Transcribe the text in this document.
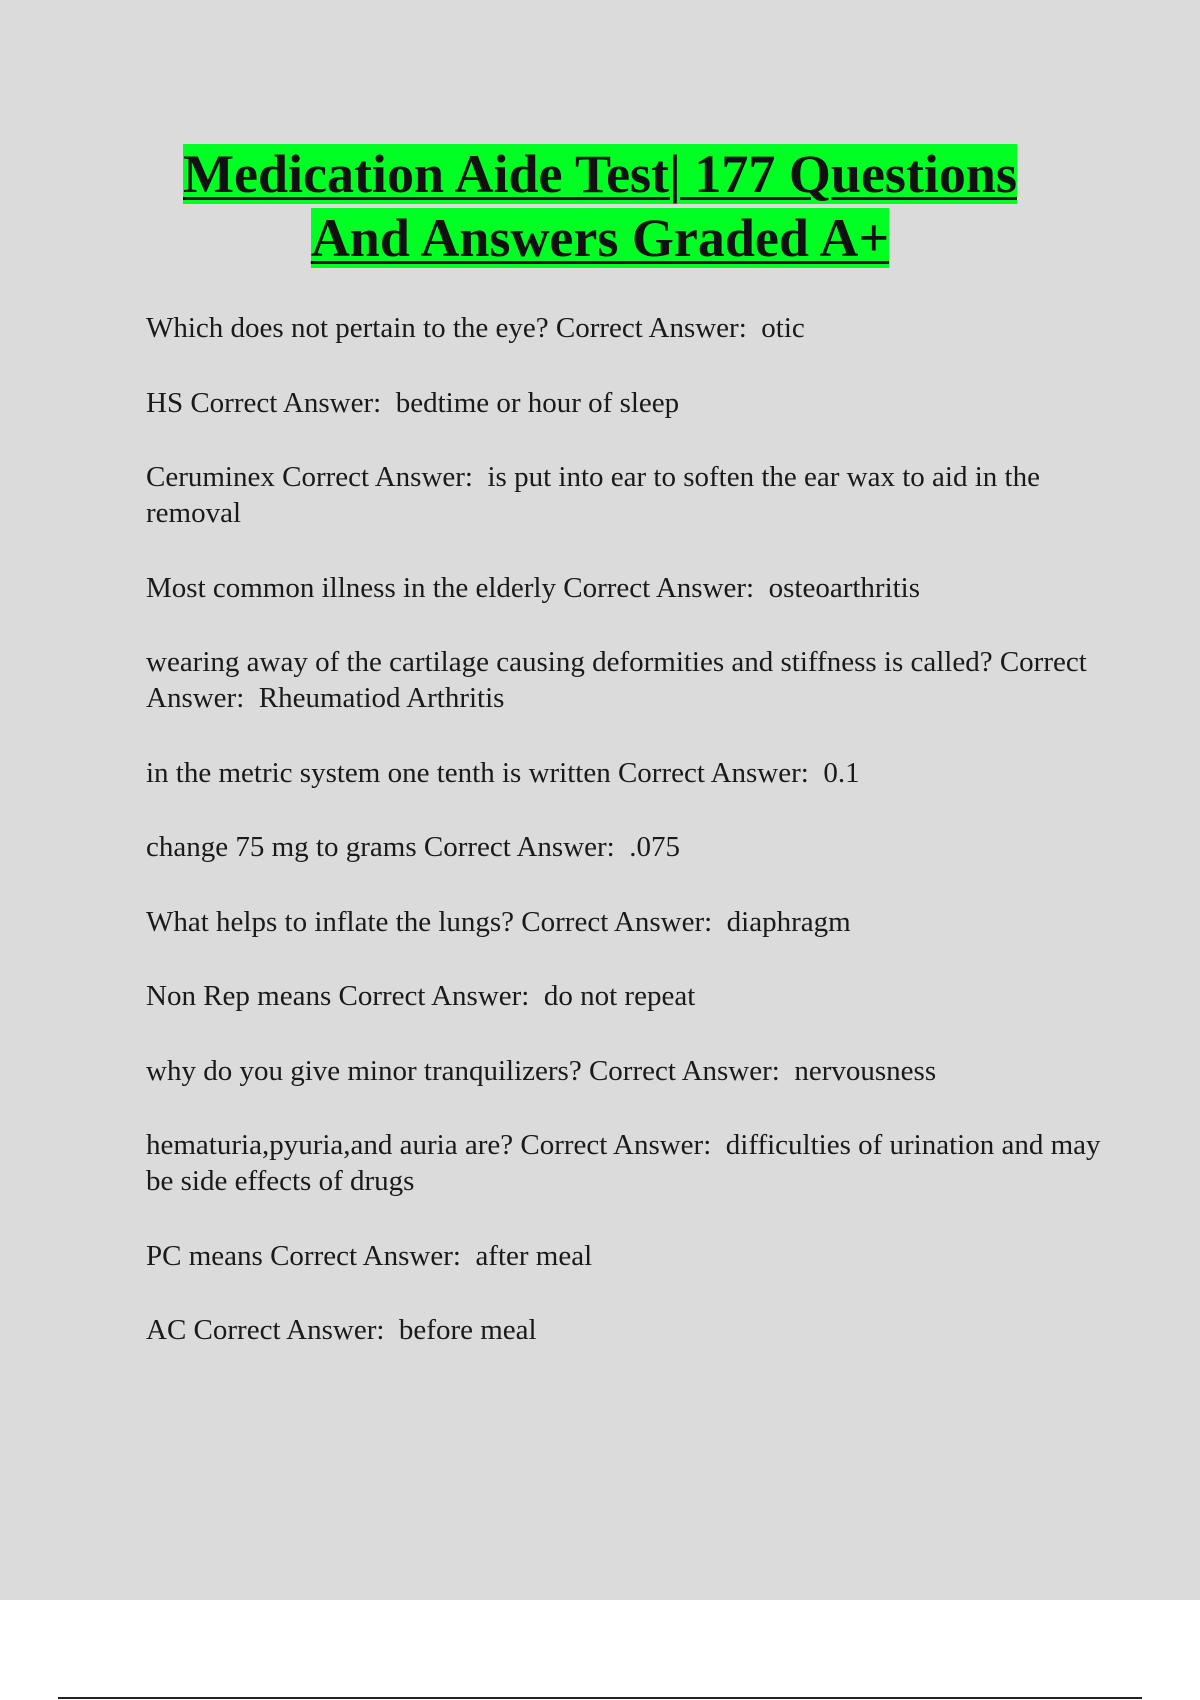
Medication Aide Test| 177 Questions
And Answers Graded A+
Which does not pertain to the eye? Correct Answer: otic
HS Correct Answer: bedtime or hour of sleep
Ceruminex Correct Answer: is put into ear to soften the ear wax to aid in the removal
Most common illness in the elderly Correct Answer: osteoarthritis
wearing away of the cartilage causing deformities and stiffness is called? Correct Answer: Rheumatiod Arthritis
in the metric system one tenth is written Correct Answer: 0.1
change 75 mg to grams Correct Answer: .075
What helps to inflate the lungs? Correct Answer: diaphragm
Non Rep means Correct Answer: do not repeat
why do you give minor tranquilizers? Correct Answer: nervousness
hematuria,pyuria,and auria are? Correct Answer: difficulties of urination and may be side effects of drugs
PC means Correct Answer: after meal
AC Correct Answer: before meal
